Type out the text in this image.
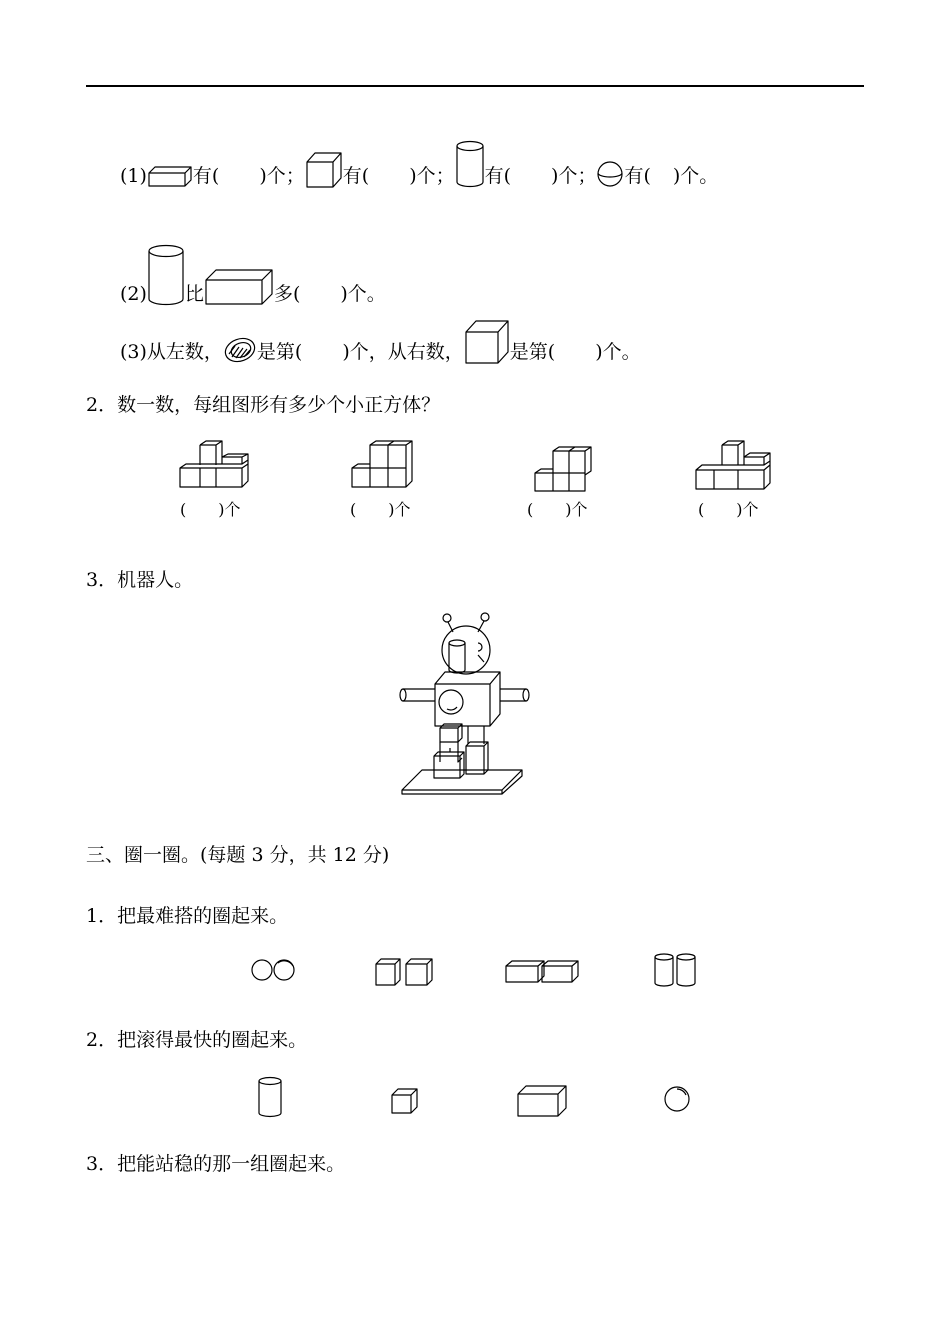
(1) 有( )个； 有( )个； 有( )个； 有( )个。
(2) 比	多( )个。
(3)从左数， 是第( )个，从右数， 是第( )个。
2．数一数，每组图形有多少个小正方体？
(　　)个	(　　)个	(　　)个	(　　)个
3．机器人。
三、圈一圈。(每题 3 分，共 12 分)
1．把最难搭的圈起来。
2．把滚得最快的圈起来。
3．把能站稳的那一组圈起来。
